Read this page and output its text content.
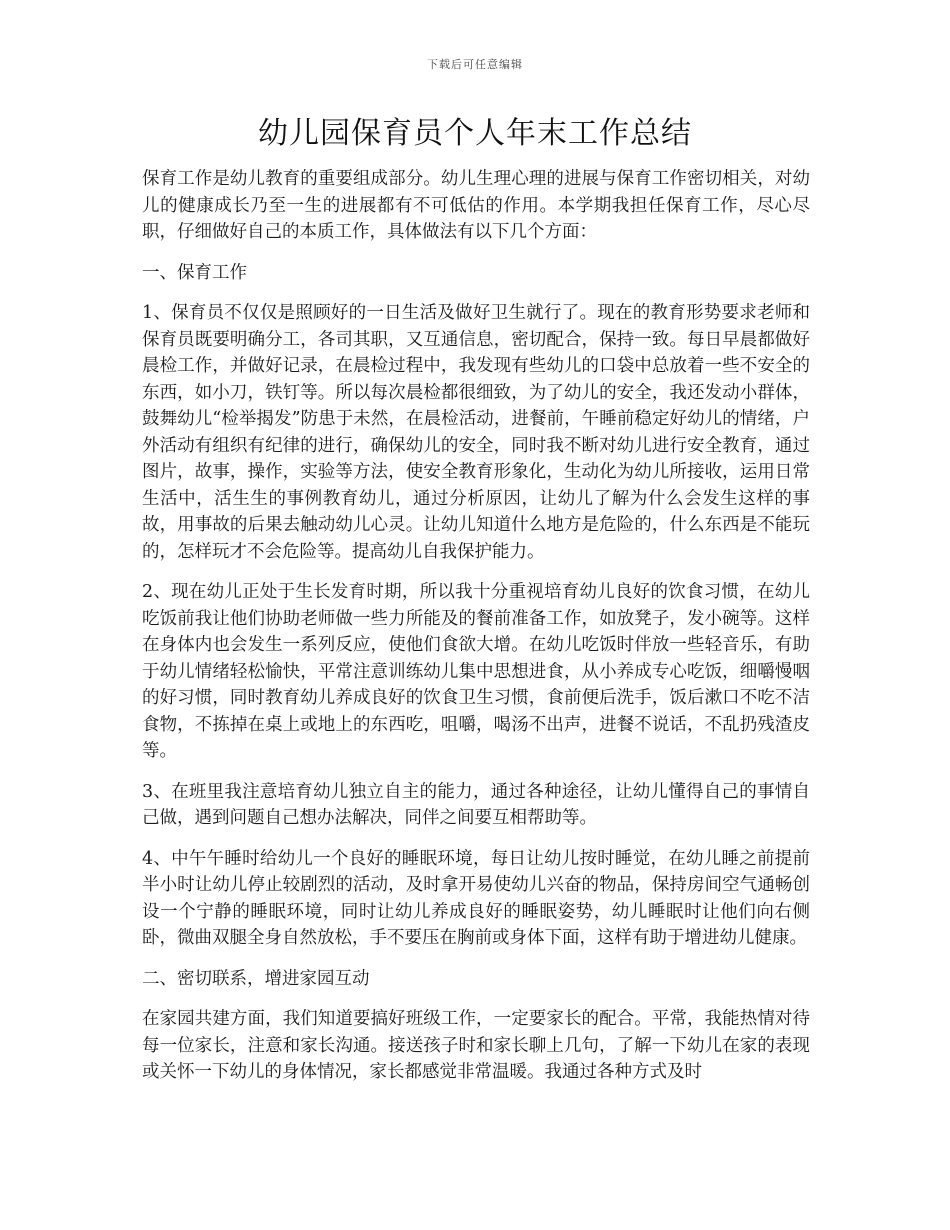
下载后可任意编辑
幼儿园保育员个人年末工作总结

保育工作是幼儿教育的重要组成部分。幼儿生理心理的进展与保育工作密切相关，对幼儿的健康成长乃至一生的进展都有不可低估的作用。本学期我担任保育工作，尽心尽职，仔细做好自己的本质工作，具体做法有以下几个方面：

一、保育工作

1、保育员不仅仅是照顾好的一日生活及做好卫生就行了。现在的教育形势要求老师和保育员既要明确分工，各司其职，又互通信息，密切配合，保持一致。每日早晨都做好晨检工作，并做好记录，在晨检过程中，我发现有些幼儿的口袋中总放着一些不安全的东西，如小刀，铁钉等。所以每次晨检都很细致，为了幼儿的安全，我还发动小群体，鼓舞幼儿“检举揭发”防患于未然，在晨检活动，进餐前，午睡前稳定好幼儿的情绪，户外活动有组织有纪律的进行，确保幼儿的安全，同时我不断对幼儿进行安全教育，通过图片，故事，操作，实验等方法，使安全教育形象化，生动化为幼儿所接收，运用日常生活中，活生生的事例教育幼儿，通过分析原因，让幼儿了解为什么会发生这样的事故，用事故的后果去触动幼儿心灵。让幼儿知道什么地方是危险的，什么东西是不能玩的，怎样玩才不会危险等。提高幼儿自我保护能力。

2、现在幼儿正处于生长发育时期，所以我十分重视培育幼儿良好的饮食习惯，在幼儿吃饭前我让他们协助老师做一些力所能及的餐前准备工作，如放凳子，发小碗等。这样在身体内也会发生一系列反应，使他们食欲大增。在幼儿吃饭时伴放一些轻音乐，有助于幼儿情绪轻松愉快，平常注意训练幼儿集中思想进食，从小养成专心吃饭，细嚼慢咽的好习惯，同时教育幼儿养成良好的饮食卫生习惯，食前便后洗手，饭后漱口不吃不洁食物，不拣掉在桌上或地上的东西吃，咀嚼，喝汤不出声，进餐不说话，不乱扔残渣皮等。

3、在班里我注意培育幼儿独立自主的能力，通过各种途径，让幼儿懂得自己的事情自己做，遇到问题自己想办法解决，同伴之间要互相帮助等。

4、中午午睡时给幼儿一个良好的睡眠环境，每日让幼儿按时睡觉，在幼儿睡之前提前半小时让幼儿停止较剧烈的活动，及时拿开易使幼儿兴奋的物品，保持房间空气通畅创设一个宁静的睡眠环境，同时让幼儿养成良好的睡眠姿势，幼儿睡眠时让他们向右侧卧，微曲双腿全身自然放松，手不要压在胸前或身体下面，这样有助于增进幼儿健康。

二、密切联系，增进家园互动

在家园共建方面，我们知道要搞好班级工作，一定要家长的配合。平常，我能热情对待每一位家长，注意和家长沟通。接送孩子时和家长聊上几句，了解一下幼儿在家的表现或关怀一下幼儿的身体情况，家长都感觉非常温暖。我通过各种方式及时
